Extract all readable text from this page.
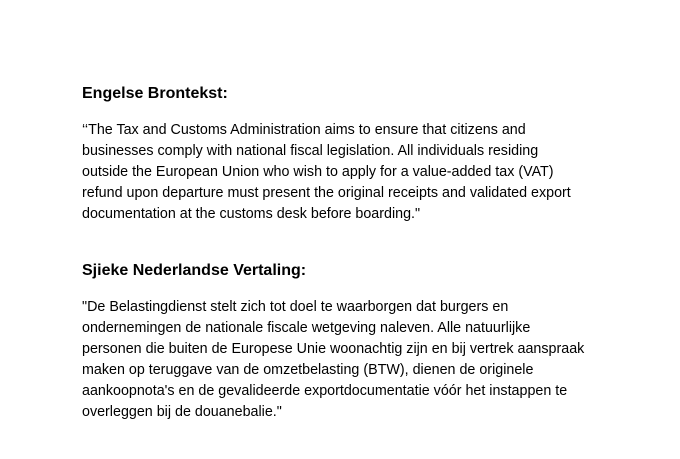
Engelse Brontekst:

‘‘The Tax and Customs Administration aims to ensure that citizens and
businesses comply with national fiscal legislation. All individuals residing
outside the European Union who wish to apply for a value-added tax (VAT)
refund upon departure must present the original receipts and validated export
documentation at the customs desk before boarding."

Sjieke Nederlandse Vertaling:

"De Belastingdienst stelt zich tot doel te waarborgen dat burgers en
ondernemingen de nationale fiscale wetgeving naleven. Alle natuurlijke
personen die buiten de Europese Unie woonachtig zijn en bij vertrek aanspraak
maken op teruggave van de omzetbelasting (BTW), dienen de originele
aankoopnota's en de gevalideerde exportdocumentatie vóór het instappen te
overleggen bij de douanebalie."
